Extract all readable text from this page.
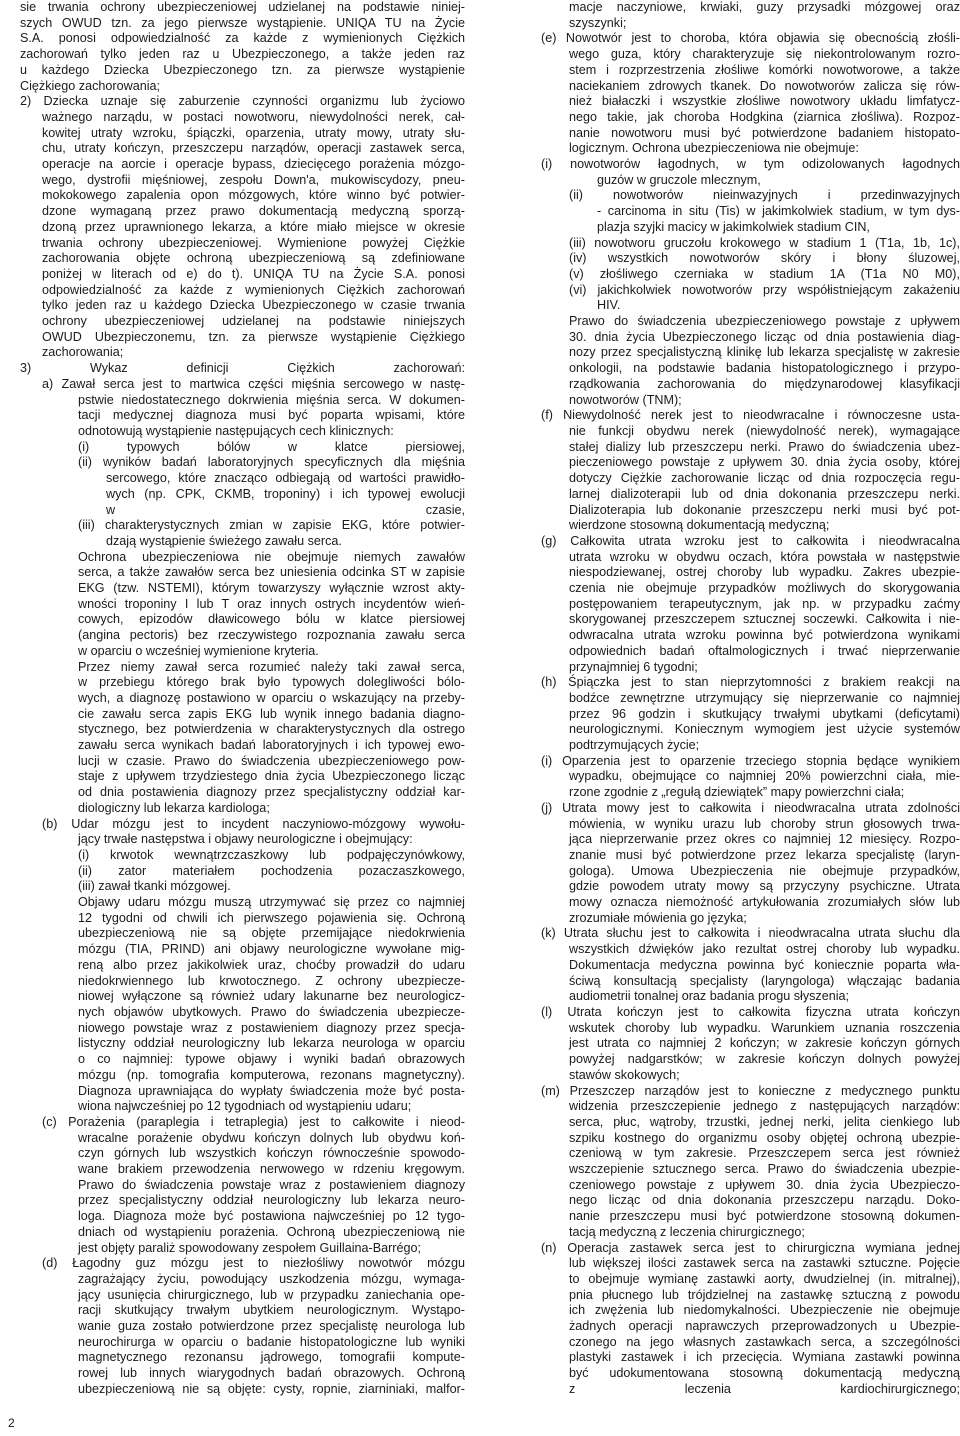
sie trwania ochrony ubezpieczeniowej udzielanej na podstawie niniej-

szych OWUD tzn. za jego pierwsze wystąpienie. UNIQA TU na Życie

S.A. ponosi odpowiedzialność za każde z wymienionych Ciężkich

zachorowań tylko jeden raz u Ubezpieczonego, a także jeden raz

u każdego Dziecka Ubezpieczonego tzn. za pierwsze wystąpienie

Ciężkiego zachorowania;

2) Dziecka uznaje się zaburzenie czynności organizmu lub życiowo

ważnego narządu, w postaci nowotworu, niewydolności nerek, cał-

kowitej utraty wzroku, śpiączki, oparzenia, utraty mowy, utraty słu-

chu, utraty kończyn, przeszczepu narządów, operacji zastawek serca,

operacje na aorcie i operacje bypass, dziecięcego porażenia mózgo-

wego, dystrofii mięśniowej, zespołu Down'a, mukowiscydozy, pneu-

mokokowego zapalenia opon mózgowych, które winno być potwier-

dzone wymaganą przez prawo dokumentacją medyczną sporzą-

dzoną przez uprawnionego lekarza, a które miało miejsce w okresie

trwania ochrony ubezpieczeniowej. Wymienione powyżej Ciężkie

zachorowania objęte ochroną ubezpieczeniową są zdefiniowane

poniżej w literach od e) do t). UNIQA TU na Życie S.A. ponosi

odpowiedzialność za każde z wymienionych Ciężkich zachorowań

tylko jeden raz u każdego Dziecka Ubezpieczonego w czasie trwania

ochrony ubezpieczeniowej udzielanej na podstawie niniejszych

OWUD Ubezpieczonemu, tzn. za pierwsze wystąpienie Ciężkiego

zachorowania;

3) Wykaz definicji Ciężkich zachorowań:

a) Zawał serca jest to martwica części mięśnia sercowego w nastę-

pstwie niedostatecznego dokrwienia mięśnia serca. W dokumen-

tacji medycznej diagnoza musi być poparta wpisami, które

odnotowują wystąpienie następujących cech klinicznych:

(i) typowych bólów w klatce piersiowej,

(ii) wyników badań laboratoryjnych specyficznych dla mięśnia

sercowego, które znacząco odbiegają od wartości prawidło-

wych (np. CPK, CKMB, troponiny) i ich typowej ewolucji

w czasie,

(iii) charakterystycznych zmian w zapisie EKG, które potwier-

dzają wystąpienie świeżego zawału serca.

Ochrona ubezpieczeniowa nie obejmuje niemych zawałów

serca, a także zawałów serca bez uniesienia odcinka ST w zapisie

EKG (tzw. NSTEMI), którym towarzyszy wyłącznie wzrost akty-

wności troponiny I lub T oraz innych ostrych incydentów wień-

cowych, epizodów dławicowego bólu w klatce piersiowej

(angina pectoris) bez rzeczywistego rozpoznania zawału serca

w oparciu o wcześniej wymienione kryteria.

Przez niemy zawał serca rozumieć należy taki zawał serca,

w przebiegu którego brak było typowych dolegliwości bólo-

wych, a diagnozę postawiono w oparciu o wskazujący na przeby-

cie zawału serca zapis EKG lub wynik innego badania diagno-

stycznego, bez potwierdzenia w charakterystycznych dla ostrego

zawału serca wynikach badań laboratoryjnych i ich typowej ewo-

lucji w czasie. Prawo do świadczenia ubezpieczeniowego pow-

staje z upływem trzydziestego dnia życia Ubezpieczonego licząc

od dnia postawienia diagnozy przez specjalistyczny oddział kar-

diologiczny lub lekarza kardiologa;

(b) Udar mózgu jest to incydent naczyniowo-mózgowy wywołu-

jący trwałe następstwa i objawy neurologiczne i obejmujący:

(i) krwotok wewnątrzczaszkowy lub podpajęczynówkowy,

(ii) zator materiałem pochodzenia pozaczaszkowego,

(iii) zawał tkanki mózgowej.

Objawy udaru mózgu muszą utrzymywać się przez co najmniej

12 tygodni od chwili ich pierwszego pojawienia się. Ochroną

ubezpieczeniową nie są objęte przemijające niedokrwienia

mózgu (TIA, PRIND) ani objawy neurologiczne wywołane mig-

reną albo przez jakikolwiek uraz, choćby prowadził do udaru

niedokrwiennego lub krwotocznego. Z ochrony ubezpiecze-

niowej wyłączone są również udary lakunarne bez neurologicz-

nych objawów ubytkowych. Prawo do świadczenia ubezpiecze-

niowego powstaje wraz z postawieniem diagnozy przez specja-

listyczny oddział neurologiczny lub lekarza neurologa w oparciu

o co najmniej: typowe objawy i wyniki badań obrazowych

mózgu (np. tomografia komputerowa, rezonans magnetyczny).

Diagnoza uprawniająca do wypłaty świadczenia może być posta-

wiona najwcześniej po 12 tygodniach od wystąpieniu udaru;

(c) Porażenia (paraplegia i tetraplegia) jest to całkowite i nieod-

wracalne porażenie obydwu kończyn dolnych lub obydwu koń-

czyn górnych lub wszystkich kończyn równocześnie spowodo-

wane brakiem przewodzenia nerwowego w rdzeniu kręgowym.

Prawo do świadczenia powstaje wraz z postawieniem diagnozy

przez specjalistyczny oddział neurologiczny lub lekarza neuro-

loga. Diagnoza może być postawiona najwcześniej po 12 tygo-

dniach od wystąpieniu porażenia. Ochroną ubezpieczeniową nie

jest objęty paraliż spowodowany zespołem Guillaina-Barrégo;

(d) Łagodny guz mózgu jest to niezłośliwy nowotwór mózgu

zagrażający życiu, powodujący uszkodzenia mózgu, wymaga-

jący usunięcia chirurgicznego, lub w przypadku zaniechania ope-

racji skutkujący trwałym ubytkiem neurologicznym. Wystąpo-

wanie guza zostało potwierdzone przez specjalistę neurologa lub

neurochirurga w oparciu o badanie histopatologiczne lub wyniki

magnetycznego rezonansu jądrowego, tomografii kompute-

rowej lub innych wiarygodnych badań obrazowych. Ochroną

ubezpieczeniową nie są objęte: cysty, ropnie, ziarniniaki, malfor-

macje naczyniowe, krwiaki, guzy przysadki mózgowej oraz

szyszynki;

(e) Nowotwór jest to choroba, która objawia się obecnością złośli-

wego guza, który charakteryzuje się niekontrolowanym rozro-

stem i rozprzestrzenia złośliwe komórki nowotworowe, a także

naciekaniem zdrowych tkanek. Do nowotworów zalicza się rów-

nież białaczki i wszystkie złośliwe nowotwory układu limfatycz-

nego takie, jak choroba Hodgkina (ziarnica złośliwa). Rozpoz-

nanie nowotworu musi być potwierdzone badaniem histopato-

logicznym. Ochrona ubezpieczeniowa nie obejmuje:

(i) nowotworów łagodnych, w tym odizolowanych łagodnych

guzów w gruczole mlecznym,

(ii) nowotworów nieinwazyjnych i przedinwazyjnych

- carcinoma in situ (Tis) w jakimkolwiek stadium, w tym dys-

plazja szyjki macicy w jakimkolwiek stadium CIN,

(iii) nowotworu gruczołu krokowego w stadium 1 (T1a, 1b, 1c),

(iv) wszystkich nowotworów skóry i błony śluzowej,

(v) złośliwego czerniaka w stadium 1A (T1a N0 M0),

(vi) jakichkolwiek nowotworów przy współistniejącym zakażeniu

HIV.

Prawo do świadczenia ubezpieczeniowego powstaje z upływem

30. dnia życia Ubezpieczonego licząc od dnia postawienia diag-

nozy przez specjalistyczną klinikę lub lekarza specjalistę w zakresie

onkologii, na podstawie badania histopatologicznego i przypo-

rządkowania zachorowania do międzynarodowej klasyfikacji

nowotworów (TNM);

(f) Niewydolność nerek jest to nieodwracalne i równoczesne usta-

nie funkcji obydwu nerek (niewydolność nerek), wymagające

stałej dializy lub przeszczepu nerki. Prawo do świadczenia ubez-

pieczeniowego powstaje z upływem 30. dnia życia osoby, której

dotyczy Ciężkie zachorowanie licząc od dnia rozpoczęcia regu-

larnej dializoterapii lub od dnia dokonania przeszczepu nerki.

Dializoterapia lub dokonanie przeszczepu nerki musi być pot-

wierdzone stosowną dokumentacją medyczną;

(g) Całkowita utrata wzroku jest to całkowita i nieodwracalna

utrata wzroku w obydwu oczach, która powstała w następstwie

niespodziewanej, ostrej choroby lub wypadku. Zakres ubezpie-

czenia nie obejmuje przypadków możliwych do skorygowania

postępowaniem terapeutycznym, jak np. w przypadku zaćmy

skorygowanej przeszczepem sztucznej soczewki. Całkowita i nie-

odwracalna utrata wzroku powinna być potwierdzona wynikami

odpowiednich badań oftalmologicznych i trwać nieprzerwanie

przynajmniej 6 tygodni;

(h) Śpiączka jest to stan nieprzytomności z brakiem reakcji na

bodźce zewnętrzne utrzymujący się nieprzerwanie co najmniej

przez 96 godzin i skutkujący trwałymi ubytkami (deficytami)

neurologicznymi. Koniecznym wymogiem jest użycie systemów

podtrzymujących życie;

(i) Oparzenia jest to oparzenie trzeciego stopnia będące wynikiem

wypadku, obejmujące co najmniej 20% powierzchni ciała, mie-

rzone zgodnie z „regułą dziewiątek” mapy powierzchni ciała;

(j) Utrata mowy jest to całkowita i nieodwracalna utrata zdolności

mówienia, w wyniku urazu lub choroby strun głosowych trwa-

jąca nieprzerwanie przez okres co najmniej 12 miesięcy. Rozpo-

znanie musi być potwierdzone przez lekarza specjalistę (laryn-

gologa). Umowa Ubezpieczenia nie obejmuje przypadków,

gdzie powodem utraty mowy są przyczyny psychiczne. Utrata

mowy oznacza niemożność artykułowania zrozumiałych słów lub

zrozumiałe mówienia go języka;

(k) Utrata słuchu jest to całkowita i nieodwracalna utrata słuchu dla

wszystkich dźwięków jako rezultat ostrej choroby lub wypadku.

Dokumentacja medyczna powinna być koniecznie poparta wła-

ściwą konsultacją specjalisty (laryngologa) włączając badania

audiometrii tonalnej oraz badania progu słyszenia;

(l) Utrata kończyn jest to całkowita fizyczna utrata kończyn

wskutek choroby lub wypadku. Warunkiem uznania roszczenia

jest utrata co najmniej 2 kończyn; w zakresie kończyn górnych

powyżej nadgarstków; w zakresie kończyn dolnych powyżej

stawów skokowych;

(m) Przeszczep narządów jest to konieczne z medycznego punktu

widzenia przeszczepienie jednego z następujących narządów:

serca, płuc, wątroby, trzustki, jednej nerki, jelita cienkiego lub

szpiku kostnego do organizmu osoby objętej ochroną ubezpie-

czeniową w tym zakresie. Przeszczepem serca jest również

wszczepienie sztucznego serca. Prawo do świadczenia ubezpie-

czeniowego powstaje z upływem 30. dnia życia Ubezpieczo-

nego licząc od dnia dokonania przeszczepu narządu. Doko-

nanie przeszczepu musi być potwierdzone stosowną dokumen-

tacją medyczną z leczenia chirurgicznego;

(n) Operacja zastawek serca jest to chirurgiczna wymiana jednej

lub większej ilości zastawek serca na zastawki sztuczne. Pojęcie

to obejmuje wymianę zastawki aorty, dwudzielnej (in. mitralnej),

pnia płucnego lub trójdzielnej na zastawkę sztuczną z powodu

ich zwężenia lub niedomykalności. Ubezpieczenie nie obejmuje

żadnych operacji naprawczych przeprowadzonych u Ubezpie-

czonego na jego własnych zastawkach serca, a szczególności

plastyki zastawek i ich przecięcia. Wymiana zastawki powinna

być udokumentowana stosowną dokumentacją medyczną

z leczenia kardiochirurgicznego;

2
